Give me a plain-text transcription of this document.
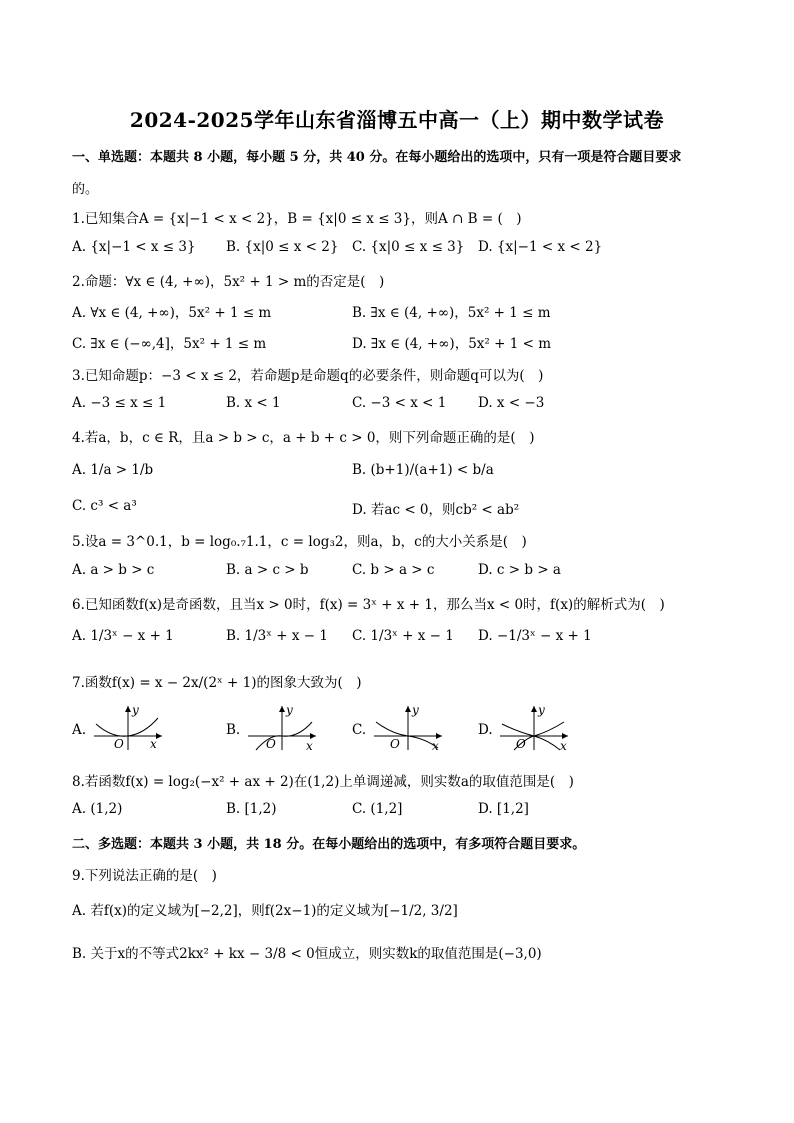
2024-2025学年山东省淄博五中高一（上）期中数学试卷
一、单选题：本题共 8 小题，每小题 5 分，共 40 分。在每小题给出的选项中，只有一项是符合题目要求
的。
1.已知集合A = {x|−1 < x < 2}，B = {x|0 ≤ x ≤ 3}，则A ∩ B = (　)
A. {x|−1 < x ≤ 3} B. {x|0 ≤ x < 2} C. {x|0 ≤ x ≤ 3} D. {x|−1 < x < 2}
2.命题：∀x ∈ (4, +∞)，5x² + 1 > m的否定是(　)
A. ∀x ∈ (4, +∞)，5x² + 1 ≤ m	B. ∃x ∈ (4, +∞)，5x² + 1 ≤ m
C. ∃x ∈ (−∞,4]，5x² + 1 ≤ m	D. ∃x ∈ (4, +∞)，5x² + 1 < m
3.已知命题p：−3 < x ≤ 2，若命题p是命题q的必要条件，则命题q可以为(　)
A. −3 ≤ x ≤ 1	B. x < 1	C. −3 < x < 1 D. x < −3
4.若a，b，c ∈ R，且a > b > c，a + b + c > 0，则下列命题正确的是(　)
A. 1/a > 1/b	B. (b+1)/(a+1) < b/a
C. c³ < a³	D. 若ac < 0，则cb² < ab²
5.设a = 3^0.1，b = log₀.₇1.1，c = log₃2，则a，b，c的大小关系是(　)
A. a > b > c	B. a > c > b	C. b > a > c	D. c > b > a
6.已知函数f(x)是奇函数，且当x > 0时，f(x) = 3ˣ + x + 1，那么当x < 0时，f(x)的解析式为(　)
A. 1/3ˣ − x + 1	B. 1/3ˣ + x − 1 C. 1/3ˣ + x − 1 D. −1/3ˣ − x + 1
7.函数f(x) = x − 2x/(2ˣ + 1)的图象大致为(　)
A.
y
O x
B.
y
O	x
C.
y
O	x
D.
y
O	x
8.若函数f(x) = log₂(−x² + ax + 2)在(1,2)上单调递减，则实数a的取值范围是(　)
A. (1,2)	B. [1,2)	C. (1,2]	D. [1,2]
二、多选题：本题共 3 小题，共 18 分。在每小题给出的选项中，有多项符合题目要求。
9.下列说法正确的是(　)
A. 若f(x)的定义域为[−2,2]，则f(2x−1)的定义域为[−1/2, 3/2]
B. 关于x的不等式2kx² + kx − 3/8 < 0恒成立，则实数k的取值范围是(−3,0)
